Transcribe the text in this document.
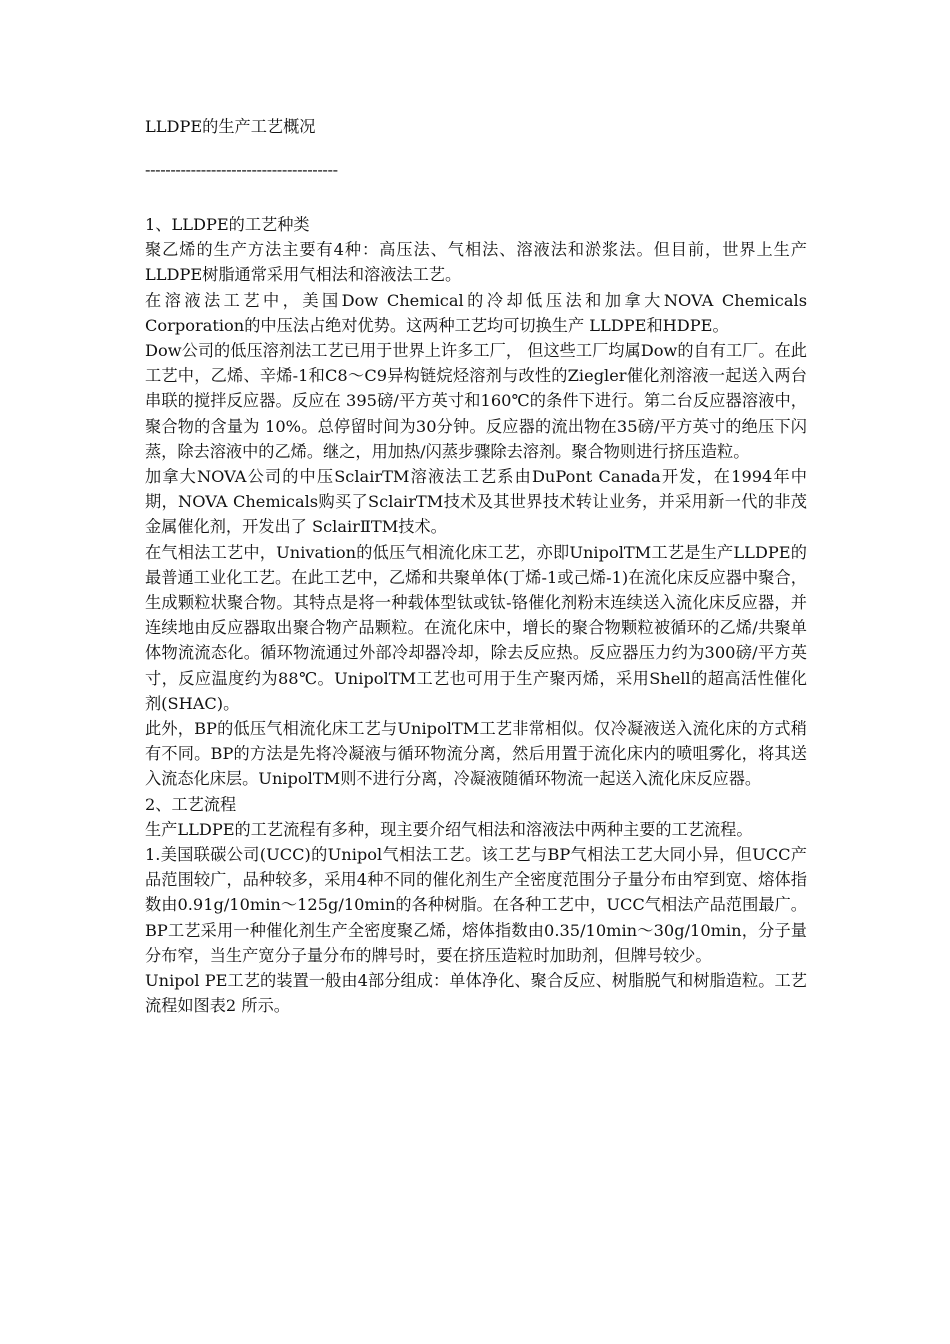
LLDPE的生产工艺概况
--------------------------------------
1、LLDPE的工艺种类

聚乙烯的生产方法主要有4种：高压法、气相法、溶液法和淤浆法。但目前，世界上生产LLDPE树脂通常采用气相法和溶液法工艺。

在溶液法工艺中，美国Dow Chemical的冷却低压法和加拿大NOVA Chemicals Corporation的中压法占绝对优势。这两种工艺均可切换生产 LLDPE和HDPE。

Dow公司的低压溶剂法工艺已用于世界上许多工厂， 但这些工厂均属Dow的自有工厂。在此工艺中，乙烯、辛烯-1和C8～C9异构链烷烃溶剂与改性的Ziegler催化剂溶液一起送入两台串联的搅拌反应器。反应在 395磅/平方英寸和160℃的条件下进行。第二台反应器溶液中，聚合物的含量为 10%。总停留时间为30分钟。反应器的流出物在35磅/平方英寸的绝压下闪蒸，除去溶液中的乙烯。继之，用加热/闪蒸步骤除去溶剂。聚合物则进行挤压造粒。

加拿大NOVA公司的中压SclairTM溶液法工艺系由DuPont Canada开发，在1994年中期，NOVA Chemicals购买了SclairTM技术及其世界技术转让业务，并采用新一代的非茂金属催化剂，开发出了 SclairⅡTM技术。

在气相法工艺中，Univation的低压气相流化床工艺，亦即UnipolTM工艺是生产LLDPE的最普通工业化工艺。在此工艺中，乙烯和共聚单体(丁烯-1或己烯-1)在流化床反应器中聚合，生成颗粒状聚合物。其特点是将一种载体型钛或钛-铬催化剂粉末连续送入流化床反应器，并连续地由反应器取出聚合物产品颗粒。在流化床中，增长的聚合物颗粒被循环的乙烯/共聚单体物流流态化。循环物流通过外部冷却器冷却，除去反应热。反应器压力约为300磅/平方英寸，反应温度约为88℃。UnipolTM工艺也可用于生产聚丙烯，采用Shell的超高活性催化剂(SHAC)。

此外，BP的低压气相流化床工艺与UnipolTM工艺非常相似。仅冷凝液送入流化床的方式稍有不同。BP的方法是先将冷凝液与循环物流分离，然后用置于流化床内的喷咀雾化，将其送入流态化床层。UnipolTM则不进行分离，冷凝液随循环物流一起送入流化床反应器。

2、工艺流程

生产LLDPE的工艺流程有多种，现主要介绍气相法和溶液法中两种主要的工艺流程。

1.美国联碳公司(UCC)的Unipol气相法工艺。该工艺与BP气相法工艺大同小异，但UCC产品范围较广，品种较多，采用4种不同的催化剂生产全密度范围分子量分布由窄到宽、熔体指数由0.91g/10min～125g/10min的各种树脂。在各种工艺中，UCC气相法产品范围最广。BP工艺采用一种催化剂生产全密度聚乙烯，熔体指数由0.35/10min～30g/10min，分子量分布窄，当生产宽分子量分布的牌号时，要在挤压造粒时加助剂，但牌号较少。

Unipol PE工艺的装置一般由4部分组成：单体净化、聚合反应、树脂脱气和树脂造粒。工艺流程如图表2 所示。
